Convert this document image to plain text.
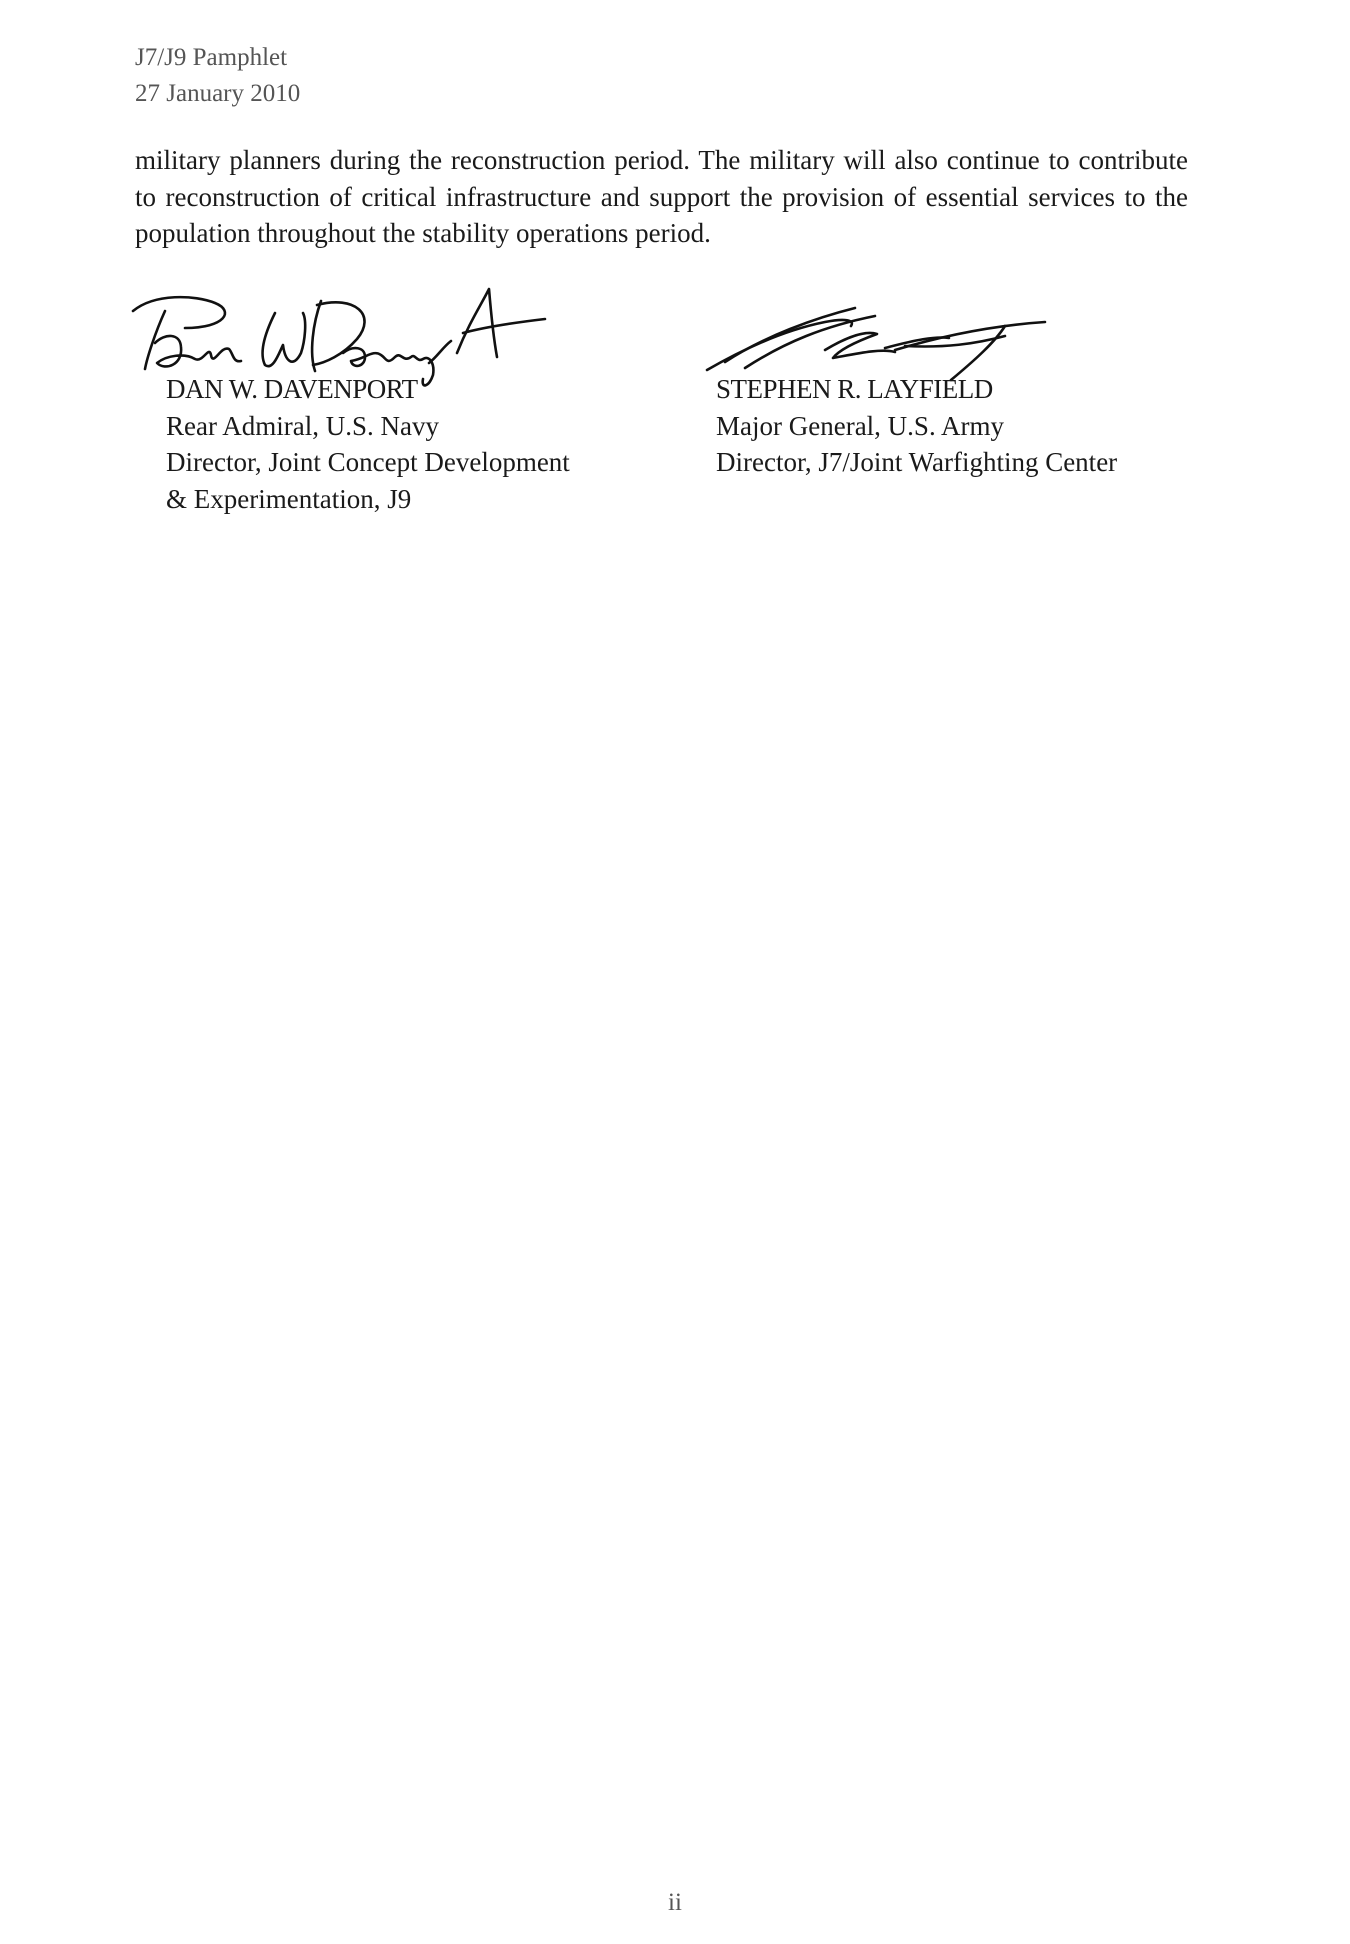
J7/J9 Pamphlet
27 January 2010
military planners during the reconstruction period. The military will also continue to contribute to reconstruction of critical infrastructure and support the provision of essential services to the population throughout the stability operations period.
DAN W. DAVENPORT
Rear Admiral, U.S. Navy
Director, Joint Concept Development
& Experimentation, J9
STEPHEN R. LAYFIELD
Major General, U.S. Army
Director, J7/Joint Warfighting Center
ii
